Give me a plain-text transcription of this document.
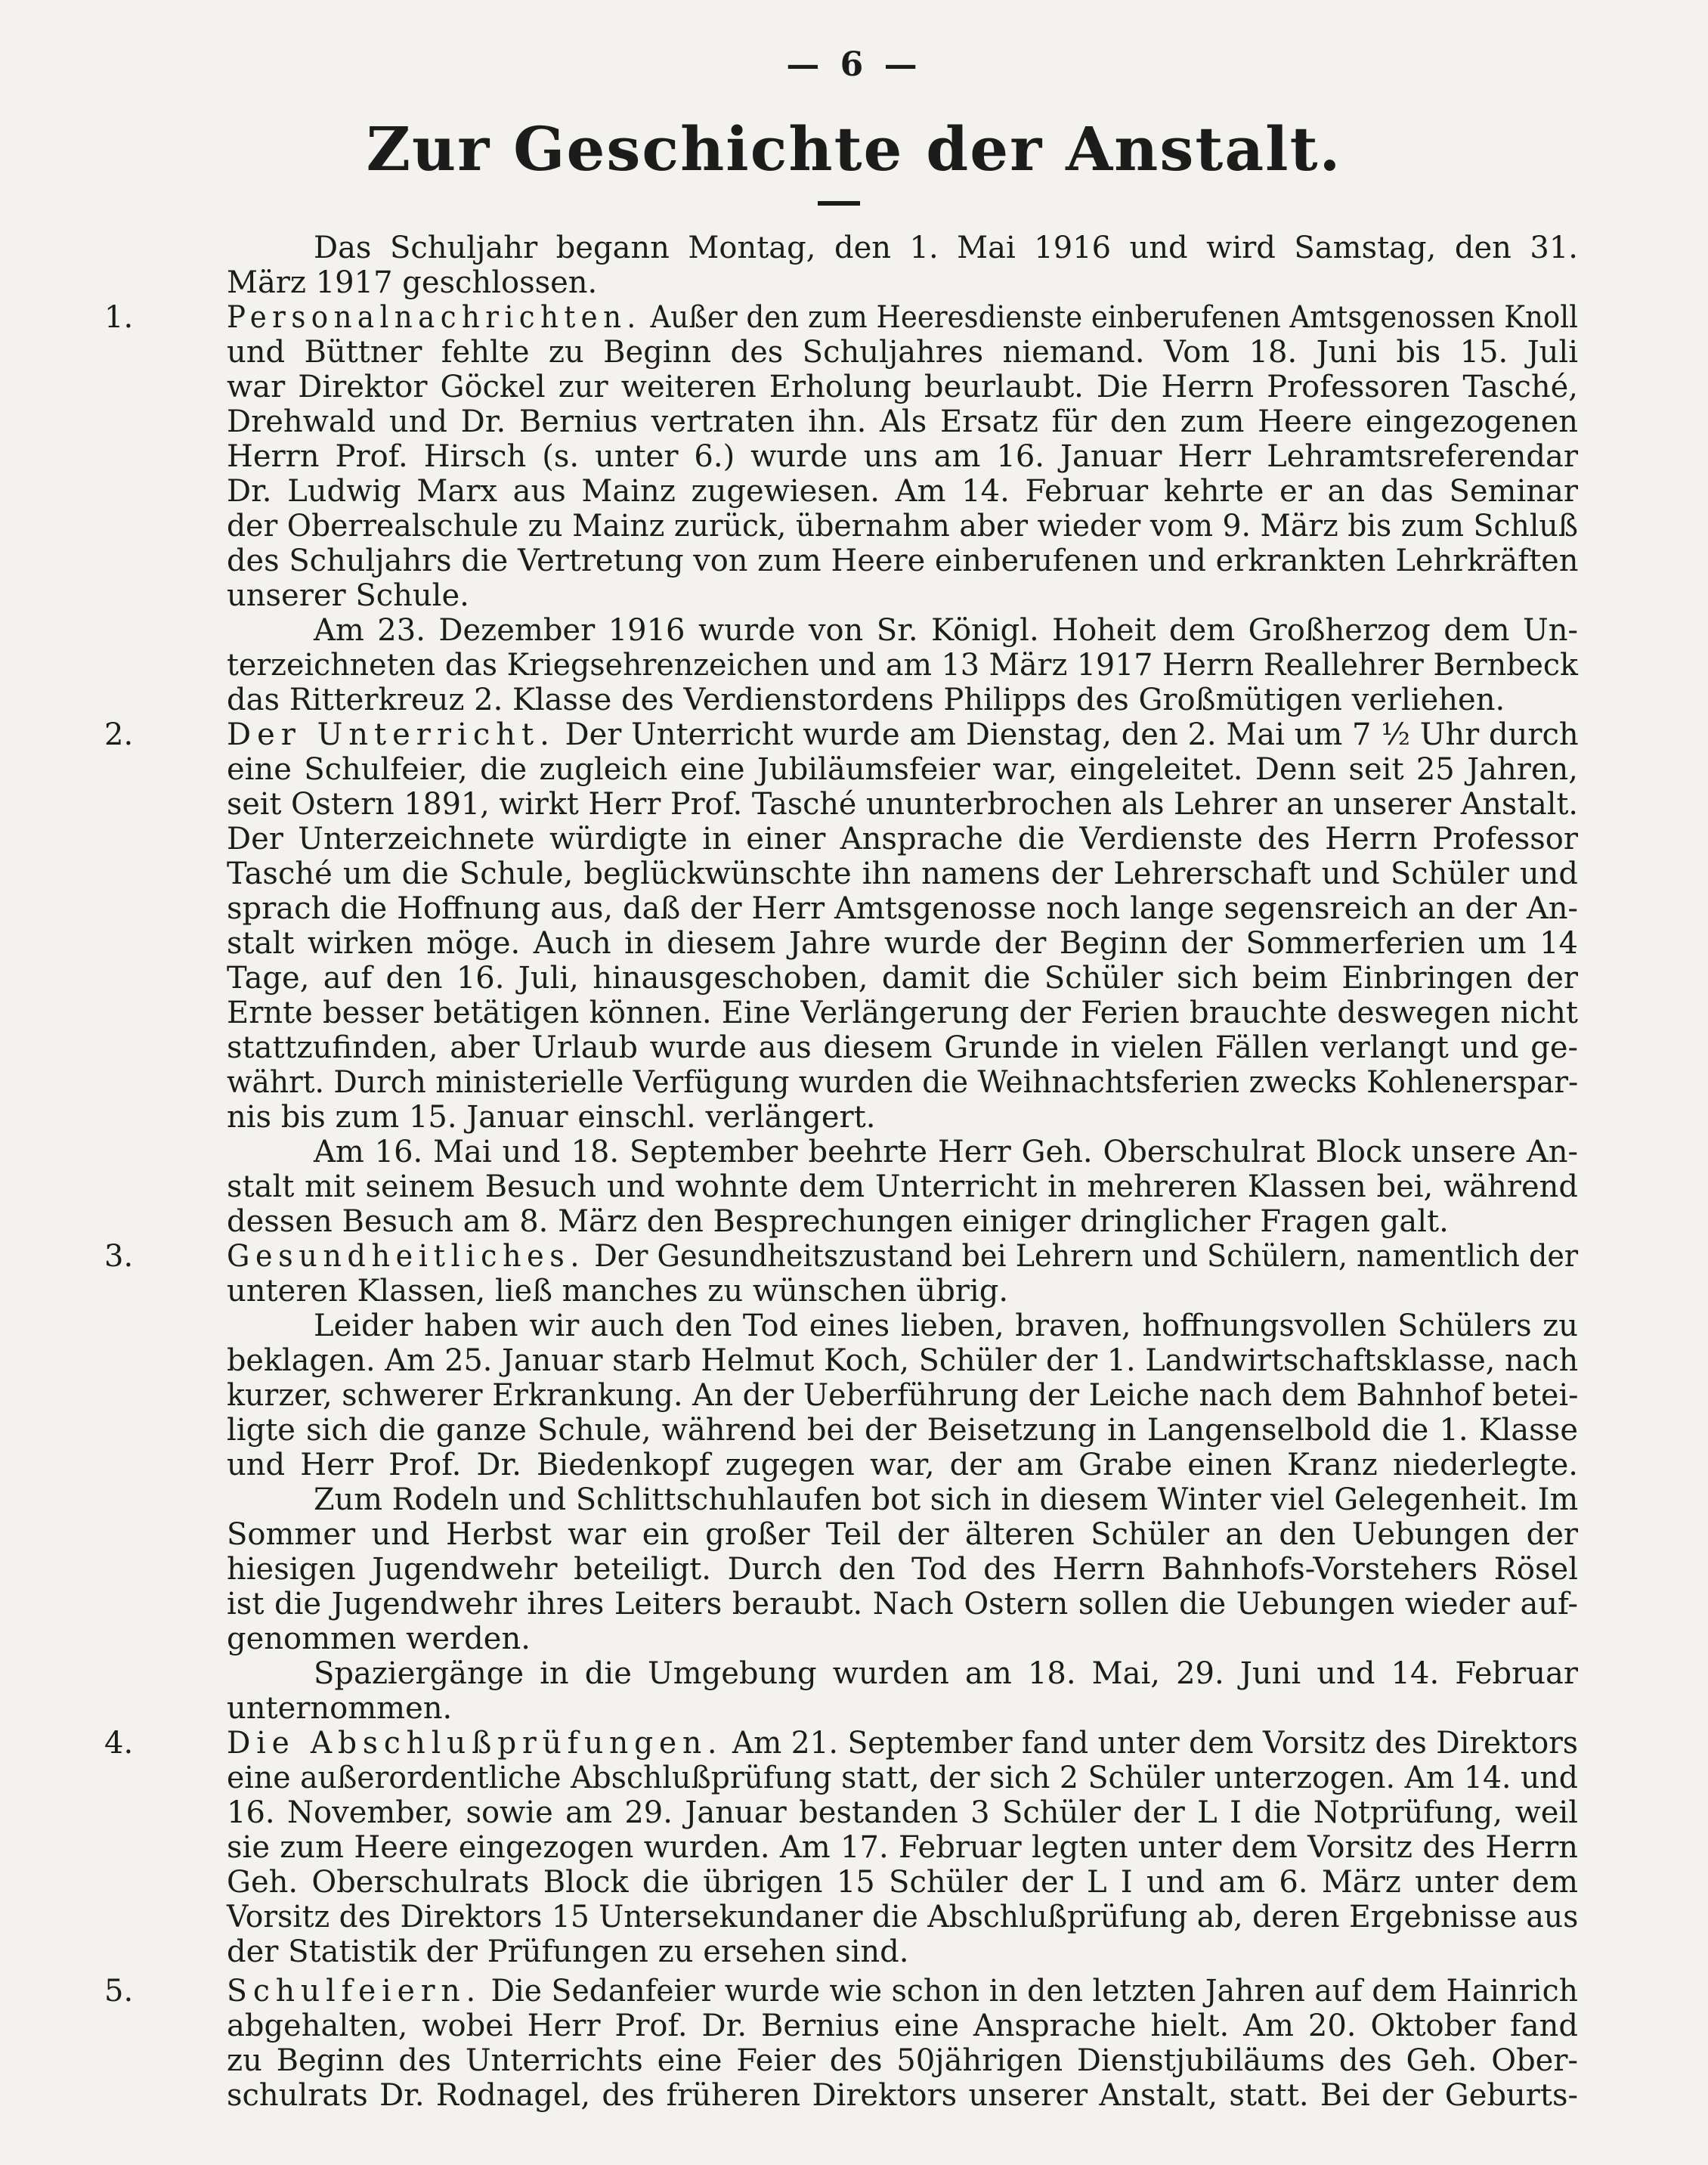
— 6 —
Zur Geschichte der Anstalt.
Das Schuljahr begann Montag, den 1. Mai 1916 und wird Samstag, den 31.
März 1917 geschlossen.
1.	Personalnachrichten. Außer den zum Heeresdienste einberufenen Amtsgenossen Knoll
und Büttner fehlte zu Beginn des Schuljahres niemand. Vom 18. Juni bis 15. Juli
war Direktor Göckel zur weiteren Erholung beurlaubt. Die Herrn Professoren Tasché,
Drehwald und Dr. Bernius vertraten ihn. Als Ersatz für den zum Heere eingezogenen
Herrn Prof. Hirsch (s. unter 6.) wurde uns am 16. Januar Herr Lehramtsreferendar
Dr. Ludwig Marx aus Mainz zugewiesen. Am 14. Februar kehrte er an das Seminar
der Oberrealschule zu Mainz zurück, übernahm aber wieder vom 9. März bis zum Schluß
des Schuljahrs die Vertretung von zum Heere einberufenen und erkrankten Lehrkräften
unserer Schule.
Am 23. Dezember 1916 wurde von Sr. Königl. Hoheit dem Großherzog dem Un-
terzeichneten das Kriegsehrenzeichen und am 13 März 1917 Herrn Reallehrer Bernbeck
das Ritterkreuz 2. Klasse des Verdienstordens Philipps des Großmütigen verliehen.
2.	Der Unterricht. Der Unterricht wurde am Dienstag, den 2. Mai um 7 ½ Uhr durch
eine Schulfeier, die zugleich eine Jubiläumsfeier war, eingeleitet. Denn seit 25 Jahren,
seit Ostern 1891, wirkt Herr Prof. Tasché ununterbrochen als Lehrer an unserer Anstalt.
Der Unterzeichnete würdigte in einer Ansprache die Verdienste des Herrn Professor
Tasché um die Schule, beglückwünschte ihn namens der Lehrerschaft und Schüler und
sprach die Hoffnung aus, daß der Herr Amtsgenosse noch lange segensreich an der An-
stalt wirken möge. Auch in diesem Jahre wurde der Beginn der Sommerferien um 14
Tage, auf den 16. Juli, hinausgeschoben, damit die Schüler sich beim Einbringen der
Ernte besser betätigen können. Eine Verlängerung der Ferien brauchte deswegen nicht
stattzufinden, aber Urlaub wurde aus diesem Grunde in vielen Fällen verlangt und ge-
währt. Durch ministerielle Verfügung wurden die Weihnachtsferien zwecks Kohlenerspar-
nis bis zum 15. Januar einschl. verlängert.
Am 16. Mai und 18. September beehrte Herr Geh. Oberschulrat Block unsere An-
stalt mit seinem Besuch und wohnte dem Unterricht in mehreren Klassen bei, während
dessen Besuch am 8. März den Besprechungen einiger dringlicher Fragen galt.
3.	Gesundheitliches. Der Gesundheitszustand bei Lehrern und Schülern, namentlich der
unteren Klassen, ließ manches zu wünschen übrig.
Leider haben wir auch den Tod eines lieben, braven, hoffnungsvollen Schülers zu
beklagen. Am 25. Januar starb Helmut Koch, Schüler der 1. Landwirtschaftsklasse, nach
kurzer, schwerer Erkrankung. An der Ueberführung der Leiche nach dem Bahnhof betei-
ligte sich die ganze Schule, während bei der Beisetzung in Langenselbold die 1. Klasse
und Herr Prof. Dr. Biedenkopf zugegen war, der am Grabe einen Kranz niederlegte.
Zum Rodeln und Schlittschuhlaufen bot sich in diesem Winter viel Gelegenheit. Im
Sommer und Herbst war ein großer Teil der älteren Schüler an den Uebungen der
hiesigen Jugendwehr beteiligt. Durch den Tod des Herrn Bahnhofs-Vorstehers Rösel
ist die Jugendwehr ihres Leiters beraubt. Nach Ostern sollen die Uebungen wieder auf-
genommen werden.
Spaziergänge in die Umgebung wurden am 18. Mai, 29. Juni und 14. Februar
unternommen.
4.	Die Abschlußprüfungen. Am 21. September fand unter dem Vorsitz des Direktors
eine außerordentliche Abschlußprüfung statt, der sich 2 Schüler unterzogen. Am 14. und
16. November, sowie am 29. Januar bestanden 3 Schüler der L I die Notprüfung, weil
sie zum Heere eingezogen wurden. Am 17. Februar legten unter dem Vorsitz des Herrn
Geh. Oberschulrats Block die übrigen 15 Schüler der L I und am 6. März unter dem
Vorsitz des Direktors 15 Untersekundaner die Abschlußprüfung ab, deren Ergebnisse aus
der Statistik der Prüfungen zu ersehen sind.
5.	Schulfeiern. Die Sedanfeier wurde wie schon in den letzten Jahren auf dem Hainrich
abgehalten, wobei Herr Prof. Dr. Bernius eine Ansprache hielt. Am 20. Oktober fand
zu Beginn des Unterrichts eine Feier des 50jährigen Dienstjubiläums des Geh. Ober-
schulrats Dr. Rodnagel, des früheren Direktors unserer Anstalt, statt. Bei der Geburts-
